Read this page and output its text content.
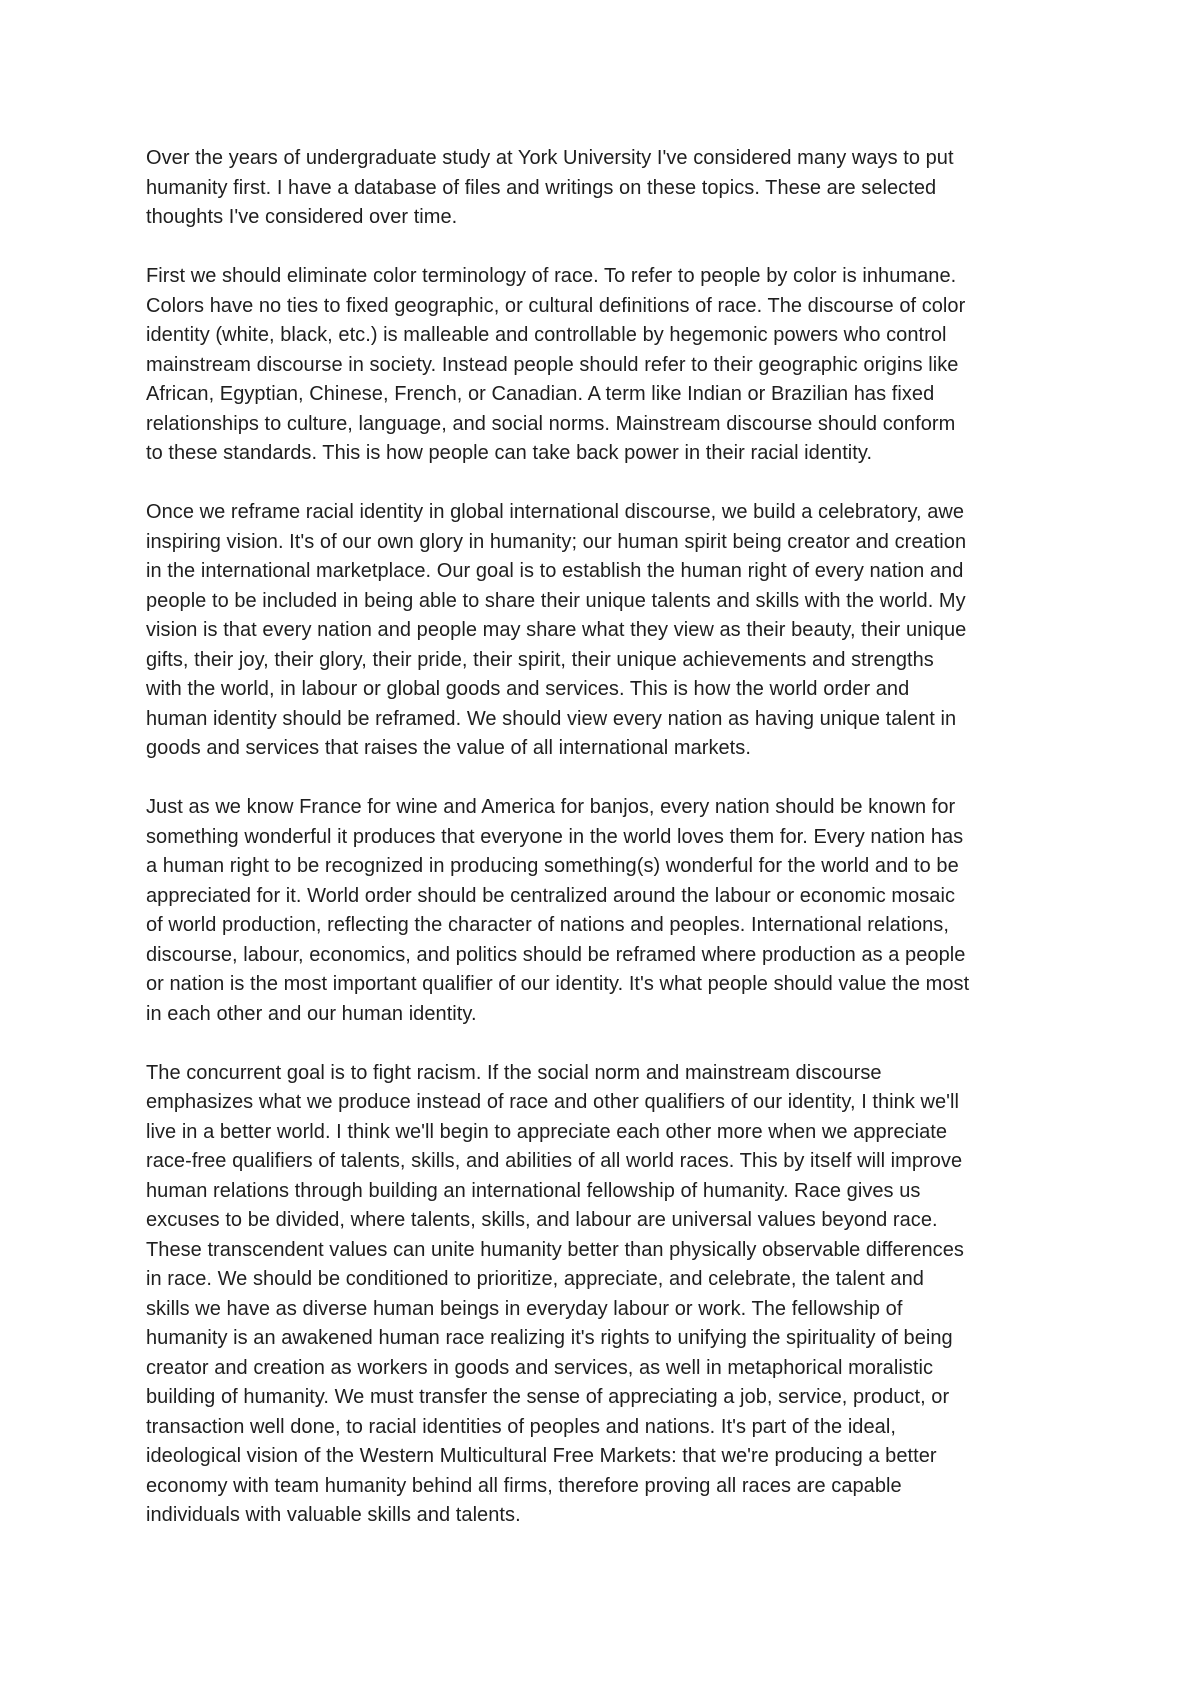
Over the years of undergraduate study at York University I've considered many ways to put
humanity first. I have a database of files and writings on these topics. These are selected
thoughts I've considered over time.

First we should eliminate color terminology of race. To refer to people by color is inhumane.
Colors have no ties to fixed geographic, or cultural definitions of race. The discourse of color
identity (white, black, etc.) is malleable and controllable by hegemonic powers who control
mainstream discourse in society. Instead people should refer to their geographic origins like
African, Egyptian, Chinese, French, or Canadian. A term like Indian or Brazilian has fixed
relationships to culture, language, and social norms. Mainstream discourse should conform
to these standards. This is how people can take back power in their racial identity.

Once we reframe racial identity in global international discourse, we build a celebratory, awe
inspiring vision. It's of our own glory in humanity; our human spirit being creator and creation
in the international marketplace. Our goal is to establish the human right of every nation and
people to be included in being able to share their unique talents and skills with the world. My
vision is that every nation and people may share what they view as their beauty, their unique
gifts, their joy, their glory, their pride, their spirit, their unique achievements and strengths
with the world, in labour or global goods and services. This is how the world order and
human identity should be reframed. We should view every nation as having unique talent in
goods and services that raises the value of all international markets.

Just as we know France for wine and America for banjos, every nation should be known for
something wonderful it produces that everyone in the world loves them for. Every nation has
a human right to be recognized in producing something(s) wonderful for the world and to be
appreciated for it. World order should be centralized around the labour or economic mosaic
of world production, reflecting the character of nations and peoples. International relations,
discourse, labour, economics, and politics should be reframed where production as a people
or nation is the most important qualifier of our identity. It's what people should value the most
in each other and our human identity.

The concurrent goal is to fight racism. If the social norm and mainstream discourse
emphasizes what we produce instead of race and other qualifiers of our identity, I think we'll
live in a better world. I think we'll begin to appreciate each other more when we appreciate
race-free qualifiers of talents, skills, and abilities of all world races. This by itself will improve
human relations through building an international fellowship of humanity. Race gives us
excuses to be divided, where talents, skills, and labour are universal values beyond race.
These transcendent values can unite humanity better than physically observable differences
in race. We should be conditioned to prioritize, appreciate, and celebrate, the talent and
skills we have as diverse human beings in everyday labour or work. The fellowship of
humanity is an awakened human race realizing it's rights to unifying the spirituality of being
creator and creation as workers in goods and services, as well in metaphorical moralistic
building of humanity. We must transfer the sense of appreciating a job, service, product, or
transaction well done, to racial identities of peoples and nations. It's part of the ideal,
ideological vision of the Western Multicultural Free Markets: that we're producing a better
economy with team humanity behind all firms, therefore proving all races are capable
individuals with valuable skills and talents.
